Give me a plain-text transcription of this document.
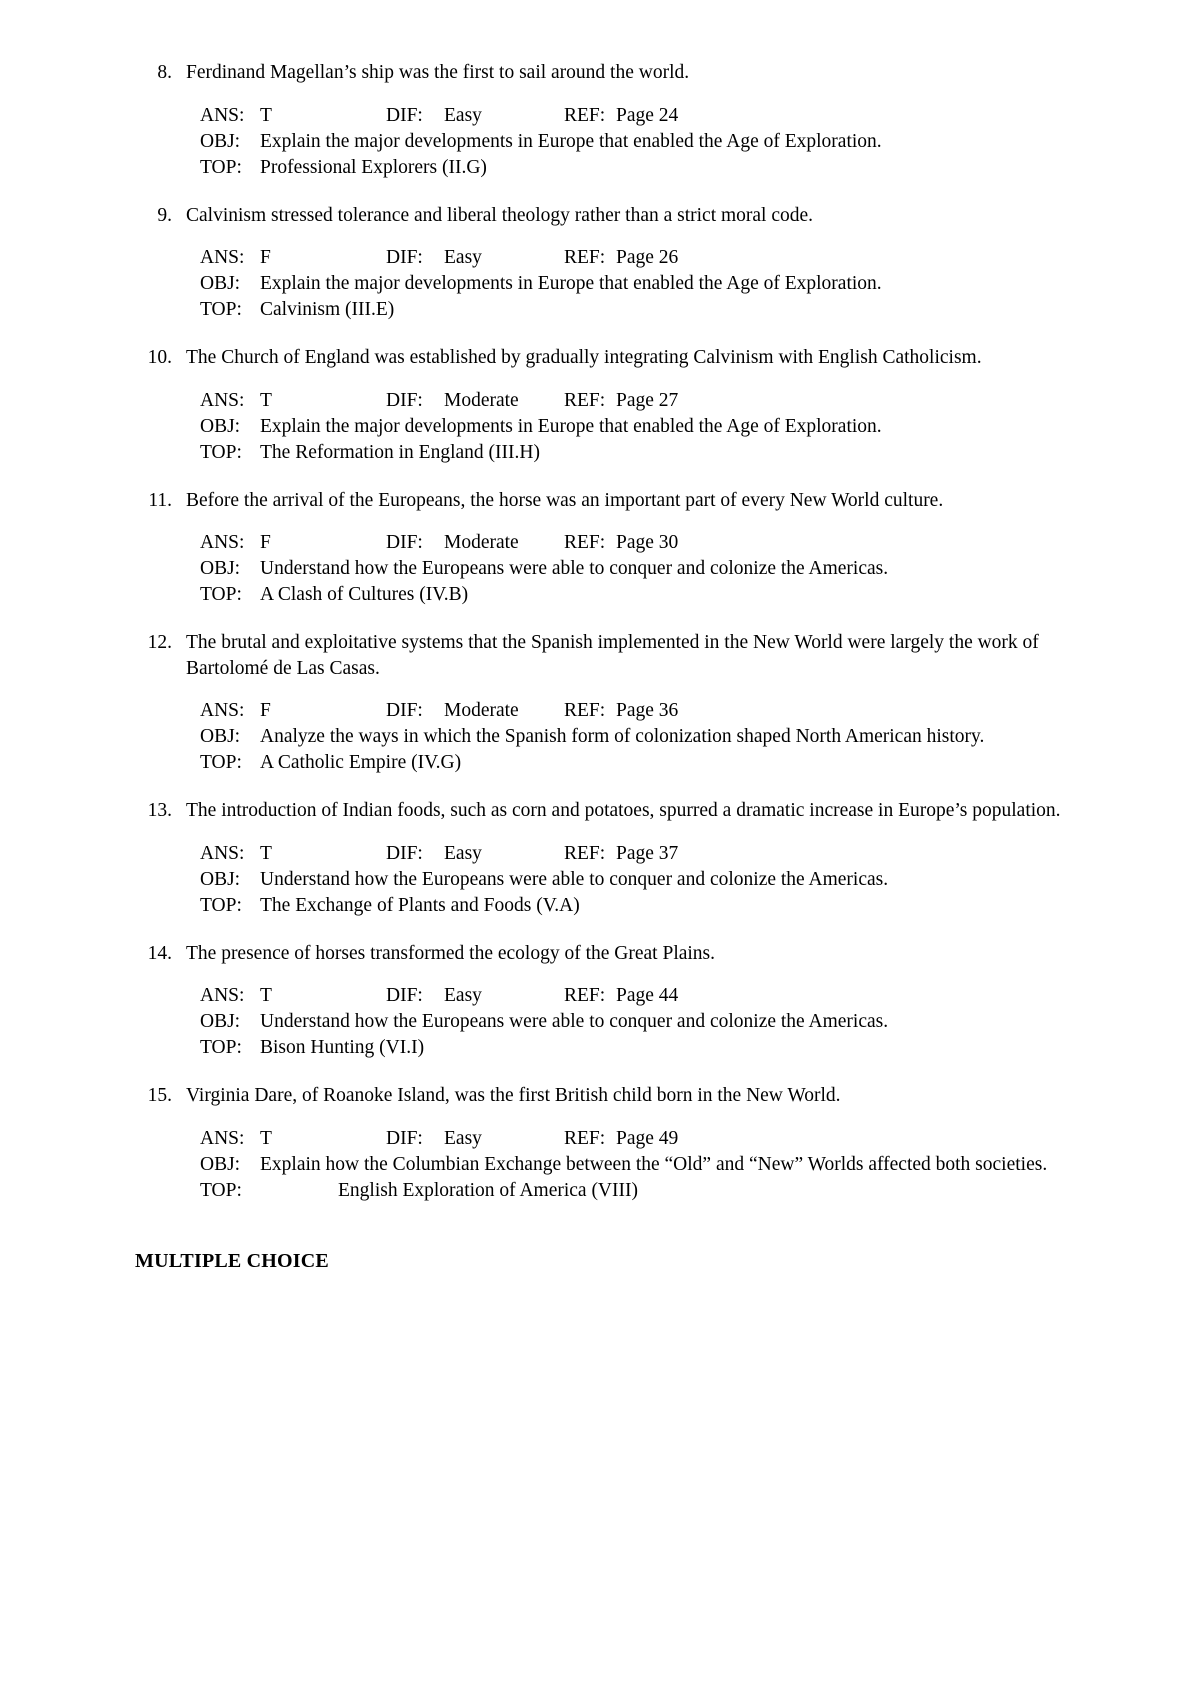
8. Ferdinand Magellan’s ship was the first to sail around the world.
ANS: T	DIF: Easy	REF: Page 24
OBJ:	Explain the major developments in Europe that enabled the Age of Exploration.
TOP: Professional Explorers (II.G)
9. Calvinism stressed tolerance and liberal theology rather than a strict moral code.
ANS: F	DIF: Easy	REF: Page 26
OBJ:	Explain the major developments in Europe that enabled the Age of Exploration.
TOP: Calvinism (III.E)
10. The Church of England was established by gradually integrating Calvinism with English Catholicism.
ANS: T	DIF: Moderate REF: Page 27
OBJ:	Explain the major developments in Europe that enabled the Age of Exploration.
TOP: The Reformation in England (III.H)
11. Before the arrival of the Europeans, the horse was an important part of every New World culture.
ANS: F	DIF: Moderate REF: Page 30
OBJ:	Understand how the Europeans were able to conquer and colonize the Americas.
TOP: A Clash of Cultures (IV.B)
12. The brutal and exploitative systems that the Spanish implemented in the New World were largely the work of Bartolomé de Las Casas.
ANS: F	DIF: Moderate REF: Page 36
OBJ:	Analyze the ways in which the Spanish form of colonization shaped North American history.
TOP: A Catholic Empire (IV.G)
13. The introduction of Indian foods, such as corn and potatoes, spurred a dramatic increase in Europe’s population.
ANS: T	DIF: Easy	REF: Page 37
OBJ:	Understand how the Europeans were able to conquer and colonize the Americas.
TOP: The Exchange of Plants and Foods (V.A)
14. The presence of horses transformed the ecology of the Great Plains.
ANS: T	DIF: Easy	REF: Page 44
OBJ:	Understand how the Europeans were able to conquer and colonize the Americas.
TOP: Bison Hunting (VI.I)
15. Virginia Dare, of Roanoke Island, was the first British child born in the New World.
ANS: T	DIF: Easy	REF: Page 49
OBJ:	Explain how the Columbian Exchange between the “Old” and “New” Worlds affected both societies.
TOP:	English Exploration of America (VIII)
MULTIPLE CHOICE
